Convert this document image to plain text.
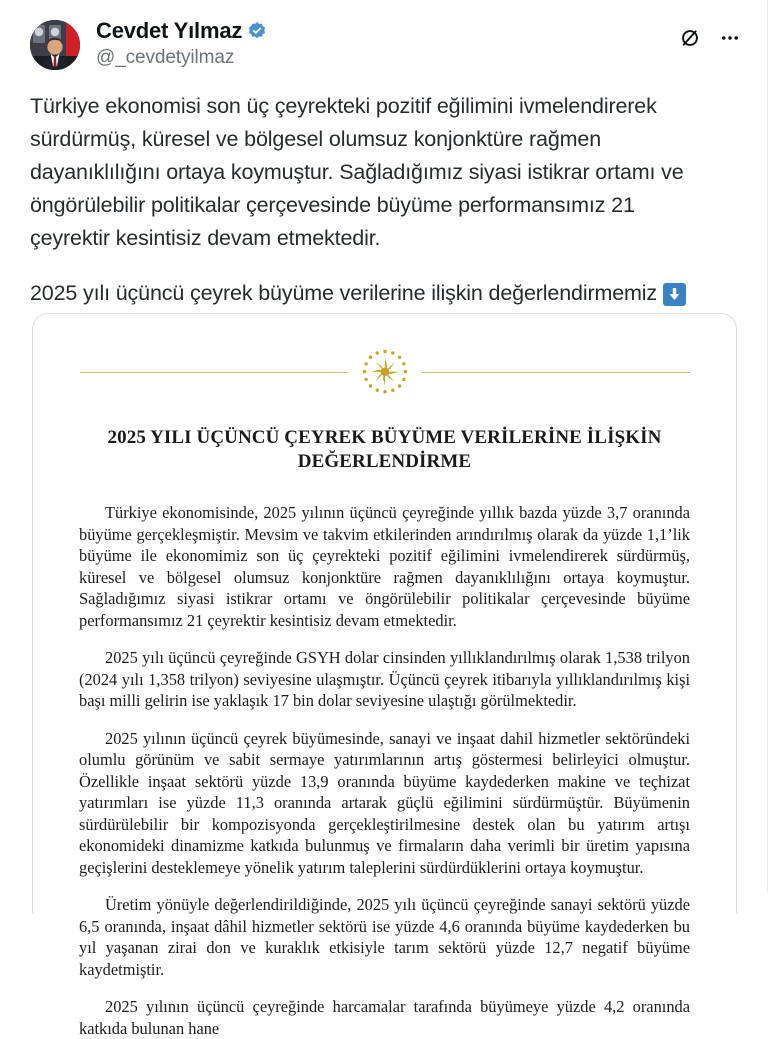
Cevdet Yılmaz
@_cevdetyilmaz
Türkiye ekonomisi son üç çeyrekteki pozitif eğilimini ivmelendirerek sürdürmüş, küresel ve bölgesel olumsuz konjonktüre rağmen dayanıklılığını ortaya koymuştur. Sağladığımız siyasi istikrar ortamı ve öngörülebilir politikalar çerçevesinde büyüme performansımız 21 çeyrektir kesintisiz devam etmektedir.
2025 yılı üçüncü çeyrek büyüme verilerine ilişkin değerlendirmemiz
2025 YILI ÜÇÜNCÜ ÇEYREK BÜYÜME VERİLERİNE İLİŞKİN
DEĞERLENDİRME

Türkiye ekonomisinde, 2025 yılının üçüncü çeyreğinde yıllık bazda yüzde 3,7 oranında büyüme gerçekleşmiştir. Mevsim ve takvim etkilerinden arındırılmış olarak da yüzde 1,1’lik büyüme ile ekonomimiz son üç çeyrekteki pozitif eğilimini ivmelendirerek sürdürmüş, küresel ve bölgesel olumsuz konjonktüre rağmen dayanıklılığını ortaya koymuştur. Sağladığımız siyasi istikrar ortamı ve öngörülebilir politikalar çerçevesinde büyüme performansımız 21 çeyrektir kesintisiz devam etmektedir.

2025 yılı üçüncü çeyreğinde GSYH dolar cinsinden yıllıklandırılmış olarak 1,538 trilyon (2024 yılı 1,358 trilyon) seviyesine ulaşmıştır. Üçüncü çeyrek itibarıyla yıllıklandırılmış kişi başı milli gelirin ise yaklaşık 17 bin dolar seviyesine ulaştığı görülmektedir.

2025 yılının üçüncü çeyrek büyümesinde, sanayi ve inşaat dahil hizmetler sektöründeki olumlu görünüm ve sabit sermaye yatırımlarının artış göstermesi belirleyici olmuştur. Özellikle inşaat sektörü yüzde 13,9 oranında büyüme kaydederken makine ve teçhizat yatırımları ise yüzde 11,3 oranında artarak güçlü eğilimini sürdürmüştür. Büyümenin sürdürülebilir bir kompozisyonda gerçekleştirilmesine destek olan bu yatırım artışı ekonomideki dinamizme katkıda bulunmuş ve firmaların daha verimli bir üretim yapısına geçişlerini desteklemeye yönelik yatırım taleplerini sürdürdüklerini ortaya koymuştur.

Üretim yönüyle değerlendirildiğinde, 2025 yılı üçüncü çeyreğinde sanayi sektörü yüzde 6,5 oranında, inşaat dâhil hizmetler sektörü ise yüzde 4,6 oranında büyüme kaydederken bu yıl yaşanan zirai don ve kuraklık etkisiyle tarım sektörü yüzde 12,7 negatif büyüme kaydetmiştir.

2025 yılının üçüncü çeyreğinde harcamalar tarafında büyümeye yüzde 4,2 oranında katkıda bulunan hane
